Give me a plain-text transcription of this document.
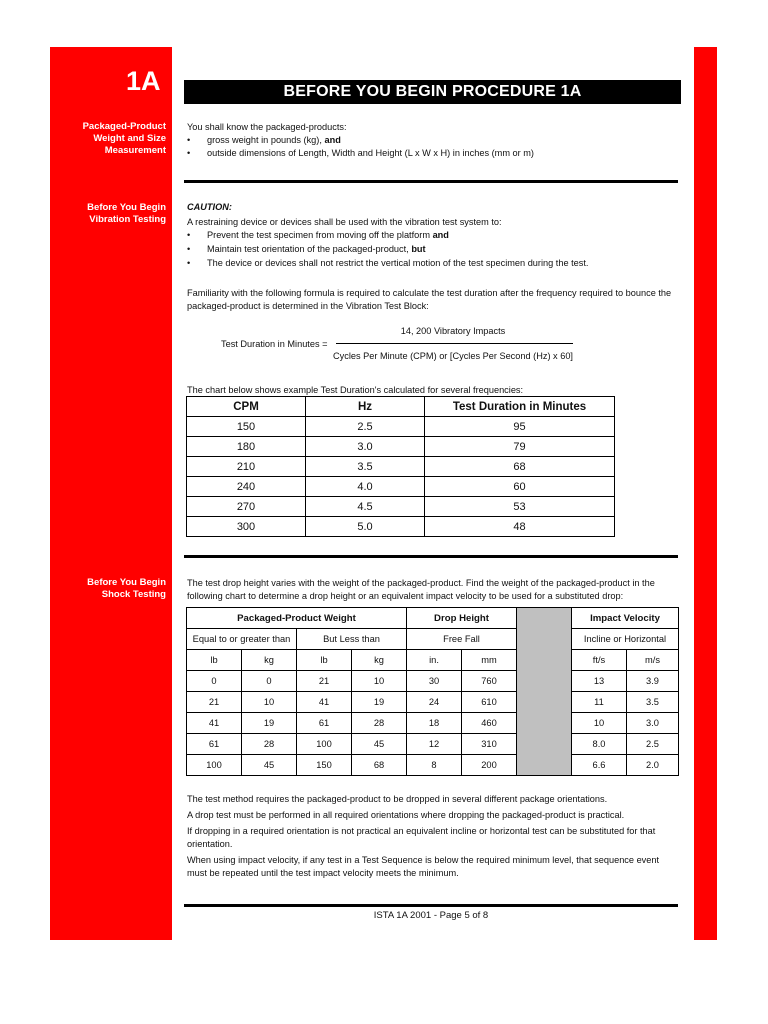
1A
Packaged-Product
Weight and Size
Measurement
Before You Begin
Vibration Testing
Before You Begin
Shock Testing
BEFORE YOU BEGIN PROCEDURE 1A
You shall know the packaged-products:
• gross weight in pounds (kg), and
• outside dimensions of Length, Width and Height (L x W x H) in inches (mm or m)
CAUTION:
A restraining device or devices shall be used with the vibration test system to:
• Prevent the test specimen from moving off the platform and
• Maintain test orientation of the packaged-product, but
• The device or devices shall not restrict the vertical motion of the test specimen during the test.
Familiarity with the following formula is required to calculate the test duration after the frequency required to bounce the
packaged-product is determined in the Vibration Test Block:
Test Duration in Minutes =
14, 200 Vibratory Impacts
Cycles Per Minute (CPM) or [Cycles Per Second (Hz) x 60]
The chart below shows example Test Duration's calculated for several frequencies:
CPM	Hz	Test Duration in Minutes
150	2.5	95
180	3.0	79
210	3.5	68
240	4.0	60
270	4.5	53
300	5.0	48
The test drop height varies with the weight of the packaged-product. Find the weight of the packaged-product in the
following chart to determine a drop height or an equivalent impact velocity to be used for a substituted drop:
Packaged-Product Weight				Drop Height			Impact Velocity	
Equal to or greater than		But Less than		Free Fall			Incline or Horizontal	
lb	kg	lb	kg	in.	mm		ft/s	m/s
0	0	21	10	30	760		13	3.9
21	10	41	19	24	610		11	3.5
41	19	61	28	18	460		10	3.0
61	28	100	45	12	310		8.0	2.5
100	45	150	68	8	200		6.6	2.0
The test method requires the packaged-product to be dropped in several different package orientations.
A drop test must be performed in all required orientations where dropping the packaged-product is practical.
If dropping in a required orientation is not practical an equivalent incline or horizontal test can be substituted for that
orientation.
When using impact velocity, if any test in a Test Sequence is below the required minimum level, that sequence event
must be repeated until the test impact velocity meets the minimum.
ISTA 1A 2001 - Page 5 of 8
